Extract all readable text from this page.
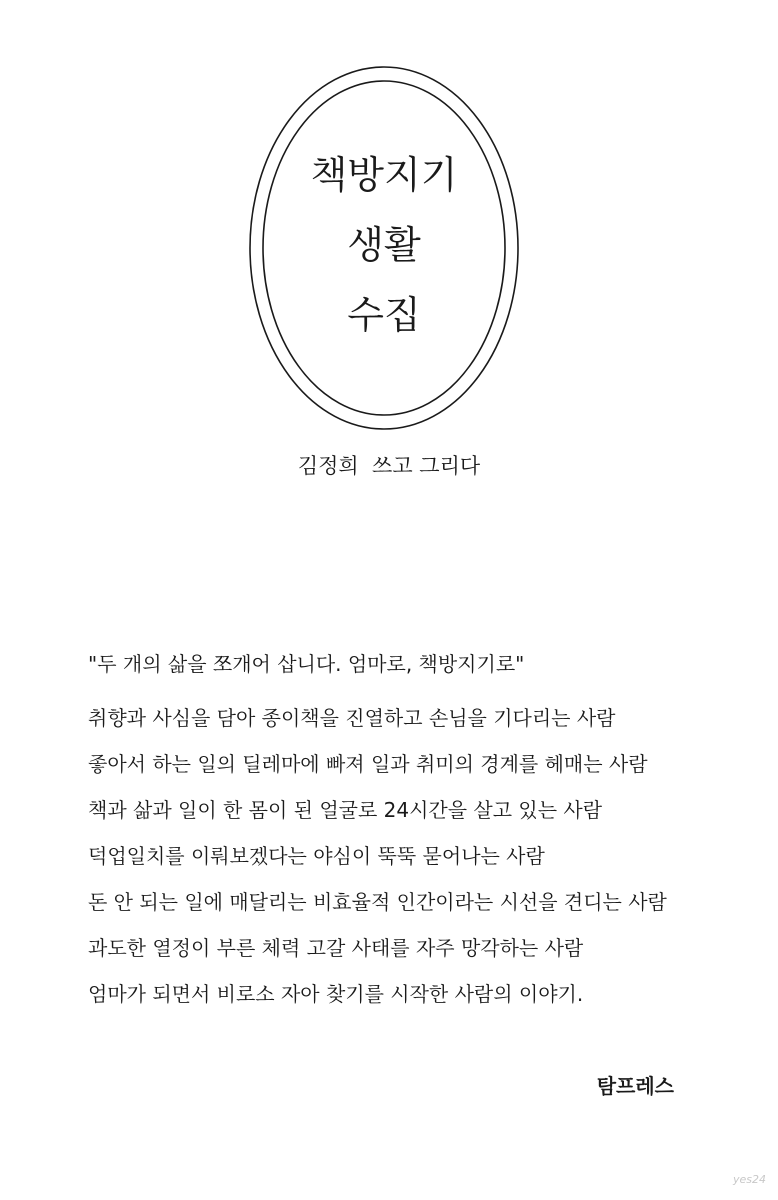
책방지기
생활
수집
김정희  쓰고 그리다
"두 개의 삶을 쪼개어 삽니다. 엄마로, 책방지기로"
취향과 사심을 담아 종이책을 진열하고 손님을 기다리는 사람
좋아서 하는 일의 딜레마에 빠져 일과 취미의 경계를 헤매는 사람
책과 삶과 일이 한 몸이 된 얼굴로 24시간을 살고 있는 사람
덕업일치를 이뤄보겠다는 야심이 뚝뚝 묻어나는 사람
돈 안 되는 일에 매달리는 비효율적 인간이라는 시선을 견디는 사람
과도한 열정이 부른 체력 고갈 사태를 자주 망각하는 사람
엄마가 되면서 비로소 자아 찾기를 시작한 사람의 이야기.
탐프레스
yes24
